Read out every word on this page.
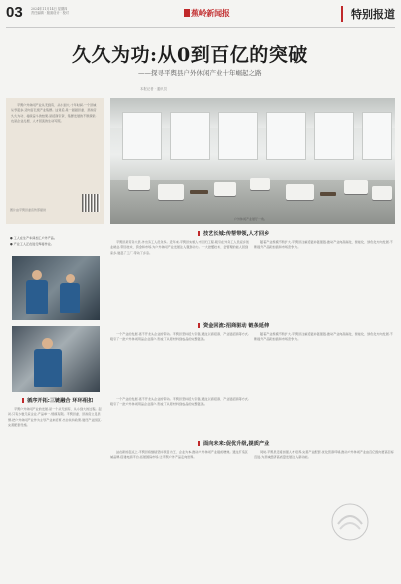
03	2024年11月14日 星期四
责任编辑 · 版面设计 · 校对	蕉岭新闻报	特别报道
久久为功:从0到百亿的突破
——探寻平舆县户外休闲产业十年崛起之路
本报记者 · 通讯员
平舆户外休闲产业从无到有、从小到大,十年时间,一个县域从零起步,迈向百亿级产业集群。这背后,是一届届县委、县政府久久为功、接续奋斗的结果,是招商引资、集群发展的不断探索,也是企业扎根、人才回流的生动写照。
图片由平舆县委宣传部提供
户外休闲产业展厅一角。
● 工人在生产车间加工户外产品。
● 产业工人正在进行焊接作业。
技艺长城:传帮带领,人才回乡
平舆县是劳务大县,外出务工人员众多。近年来,平舆县实施人才回归工程,吸引在外务工人员返乡创业就业,带回技术、资金和市场,为户外休闲产业发展注入强劲动力。一大批懂技术、会管理的能人回到家乡,建起了工厂,带动了乡亲。
随着产业规模不断扩大,平舆县注重延链补链强链,推动产业向高端化、智能化、绿色化方向发展,不断提升产品附加值和市场竞争力。
资金回流:招商驱动 链条延伸
一个产业的发展,离不开龙头企业的带动。平舆县坚持招大引强,通过以商招商、产业链招商等方式,吸引了一批户外休闲用品企业落户,形成了从原材料到成品的完整链条。
随着产业规模不断扩大,平舆县注重延链补链强链,推动产业向高端化、智能化、绿色化方向发展,不断提升产品附加值和市场竞争力。
循序开拓:三链融合 环环相扣
平舆户外休闲产业的发展,是一个从无到有、从小到大的过程。起初,只有少数几家企业,产品单一,规模有限。平舆县委、县政府立足县情,把户外休闲产业作为主导产业来培育,出台扶持政策,建设产业园区,完善配套设施。
一个产业的发展,离不开龙头企业的带动。平舆县坚持招大引强,通过以商招商、产业链招商等方式,吸引了一批户外休闲用品企业落户,形成了从原材料到成品的完整链条。
面向未来:促优升级,提质产业
站在新的起点上,平舆县将继续坚持项目为王、企业为本,推动户外休闲产业提质增效。通过打造区域品牌,搭建电商平台,拓展国际市场,让平舆户外产品走向世界。
同时,平舆县还将加强人才培养,完善产业配套,优化营商环境,推动户外休闲产业由百亿级向更高目标迈进,为县域经济高质量发展注入新动能。
